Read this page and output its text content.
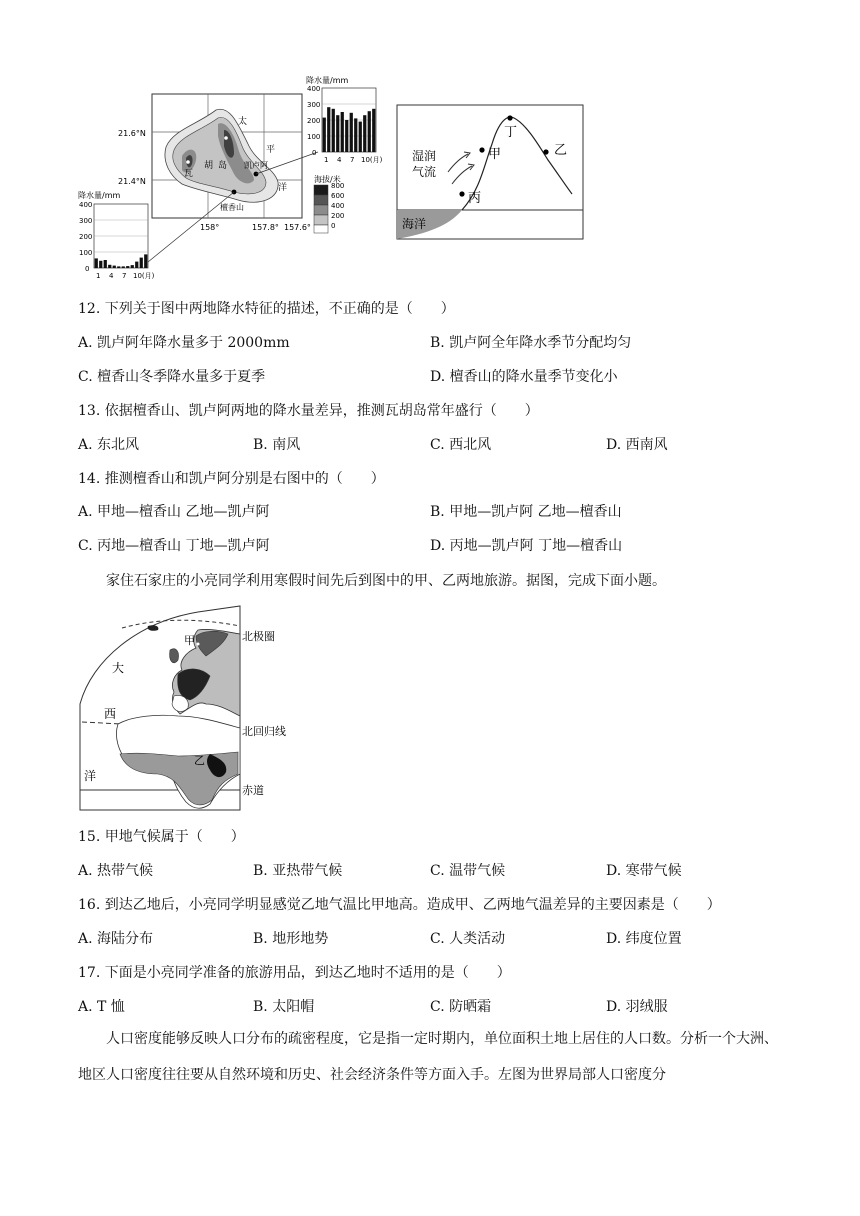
太
平
洋
瓦
胡 岛 凯卢阿
檀香山
21.6°N
21.4°N
158°	157.8° 157.6°
海拔/米
800
600
400
200
0
降水量/mm
400
300
200
100
0
1 4 7 10(月)
降水量/mm
400
300
200
100
0
1 4 7 10(月)
丙
甲
丁
乙
湿润
气流
海洋
12. 下列关于图中两地降水特征的描述，不正确的是（　　）
A. 凯卢阿年降水量多于 2000mm	B. 凯卢阿全年降水季节分配均匀
C. 檀香山冬季降水量多于夏季	D. 檀香山的降水量季节变化小
13. 依据檀香山、凯卢阿两地的降水量差异，推测瓦胡岛常年盛行（　　）
A. 东北风	B. 南风	C. 西北风	D. 西南风
14. 推测檀香山和凯卢阿分别是右图中的（　　）
A. 甲地—檀香山 乙地—凯卢阿	B. 甲地—凯卢阿 乙地—檀香山
C. 丙地—檀香山 丁地—凯卢阿	D. 丙地—凯卢阿 丁地—檀香山
家住石家庄的小亮同学利用寒假时间先后到图中的甲、乙两地旅游。据图，完成下面小题。
北极圈
北回归线
赤道
甲
乙
大
西
洋
15. 甲地气候属于（　　）
A. 热带气候	B. 亚热带气候	C. 温带气候	D. 寒带气候
16. 到达乙地后，小亮同学明显感觉乙地气温比甲地高。造成甲、乙两地气温差异的主要因素是（　　）
A. 海陆分布	B. 地形地势	C. 人类活动	D. 纬度位置
17. 下面是小亮同学准备的旅游用品，到达乙地时不适用的是（　　）
A. T 恤	B. 太阳帽	C. 防晒霜	D. 羽绒服
人口密度能够反映人口分布的疏密程度，它是指一定时期内，单位面积土地上居住的人口数。分析一个大洲、地区人口密度往往要从自然环境和历史、社会经济条件等方面入手。左图为世界局部人口密度分
